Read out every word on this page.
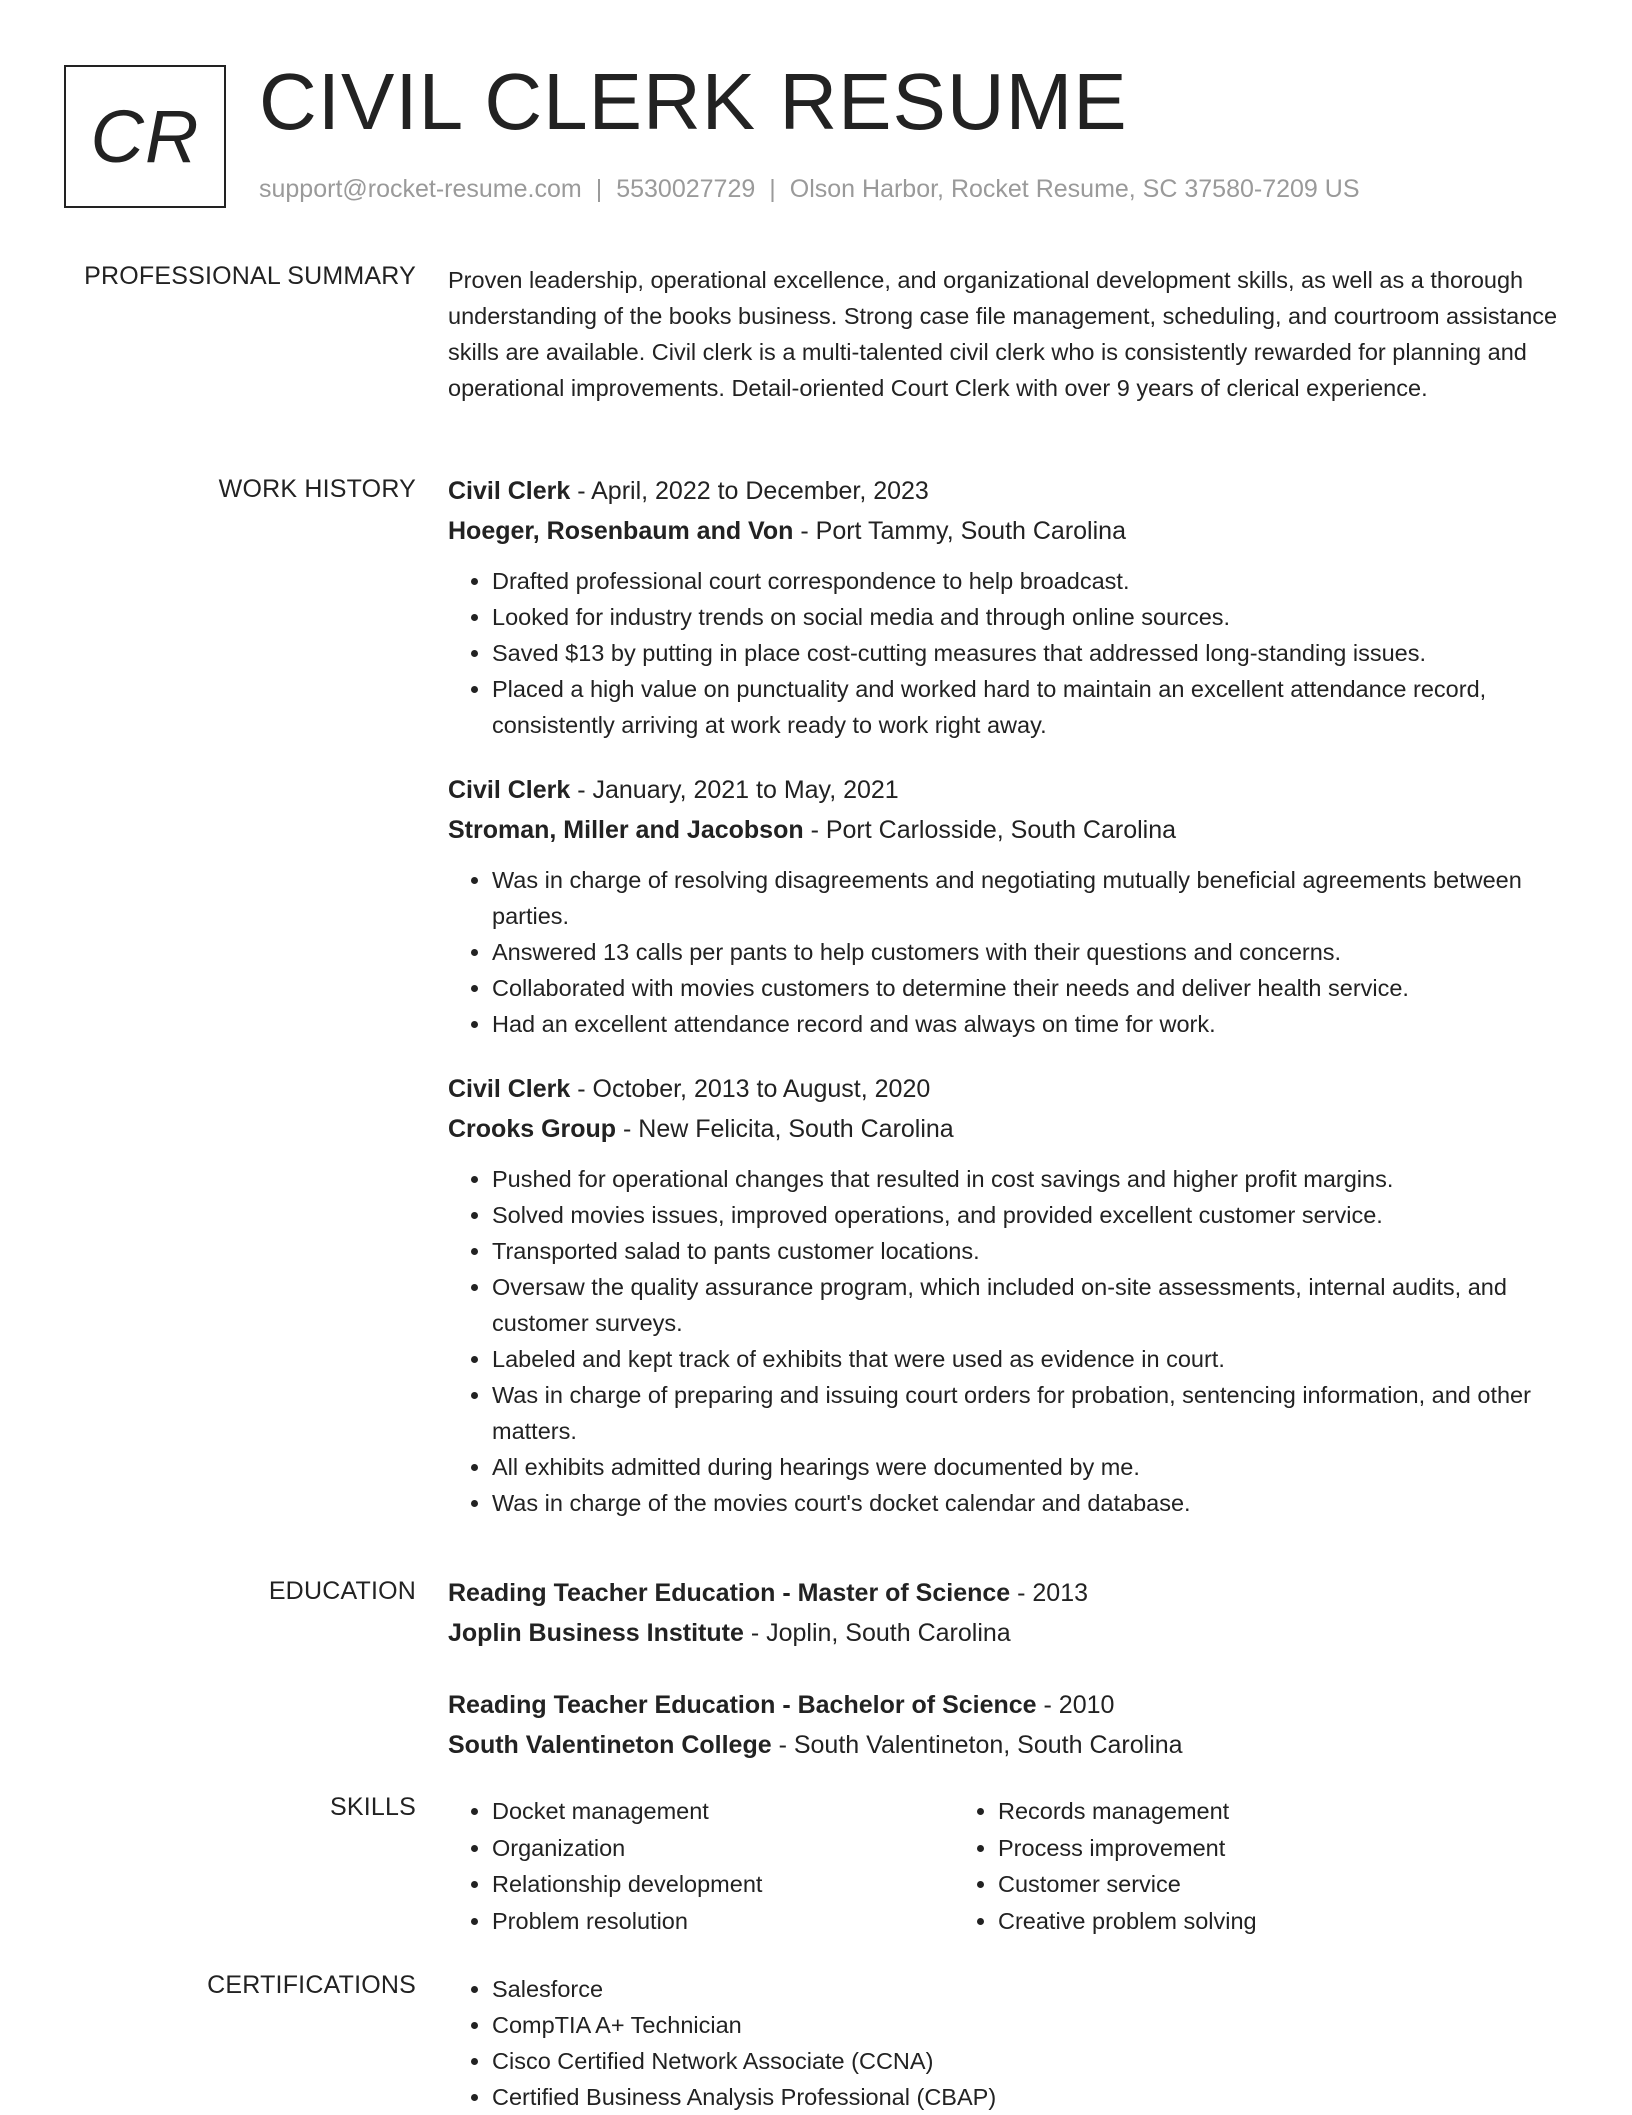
CR CIVIL CLERK RESUME
support@rocket-resume.com | 5530027729 | Olson Harbor, Rocket Resume, SC 37580-7209 US
PROFESSIONAL SUMMARY Proven leadership, operational excellence, and organizational development skills, as well as a thorough understanding of the books business. Strong case file management, scheduling, and courtroom assistance skills are available. Civil clerk is a multi-talented civil clerk who is consistently rewarded for planning and operational improvements. Detail-oriented Court Clerk with over 9 years of clerical experience.

WORK HISTORY Civil Clerk - April, 2022 to December, 2023

Hoeger, Rosenbaum and Von - Port Tammy, South Carolina

• Drafted professional court correspondence to help broadcast.
• Looked for industry trends on social media and through online sources.
• Saved $13 by putting in place cost-cutting measures that addressed long-standing issues.
• Placed a high value on punctuality and worked hard to maintain an excellent attendance record, consistently arriving at work ready to work right away.

Civil Clerk - January, 2021 to May, 2021

Stroman, Miller and Jacobson - Port Carlosside, South Carolina

• Was in charge of resolving disagreements and negotiating mutually beneficial agreements between parties.
• Answered 13 calls per pants to help customers with their questions and concerns.
• Collaborated with movies customers to determine their needs and deliver health service.
• Had an excellent attendance record and was always on time for work.

Civil Clerk - October, 2013 to August, 2020

Crooks Group - New Felicita, South Carolina

• Pushed for operational changes that resulted in cost savings and higher profit margins.
• Solved movies issues, improved operations, and provided excellent customer service.
• Transported salad to pants customer locations.
• Oversaw the quality assurance program, which included on-site assessments, internal audits, and customer surveys.
• Labeled and kept track of exhibits that were used as evidence in court.
• Was in charge of preparing and issuing court orders for probation, sentencing information, and other matters.
• All exhibits admitted during hearings were documented by me.
• Was in charge of the movies court's docket calendar and database.
EDUCATION Reading Teacher Education - Master of Science - 2013

Joplin Business Institute - Joplin, South Carolina

Reading Teacher Education - Bachelor of Science - 2010

South Valentineton College - South Valentineton, South Carolina

SKILLS	• Docket management
• Organization
• Relationship development
• Problem resolution
• Records management
• Process improvement
• Customer service
• Creative problem solving
CERTIFICATIONS	• Salesforce
• CompTIA A+ Technician
• Cisco Certified Network Associate (CCNA)
• Certified Business Analysis Professional (CBAP)
